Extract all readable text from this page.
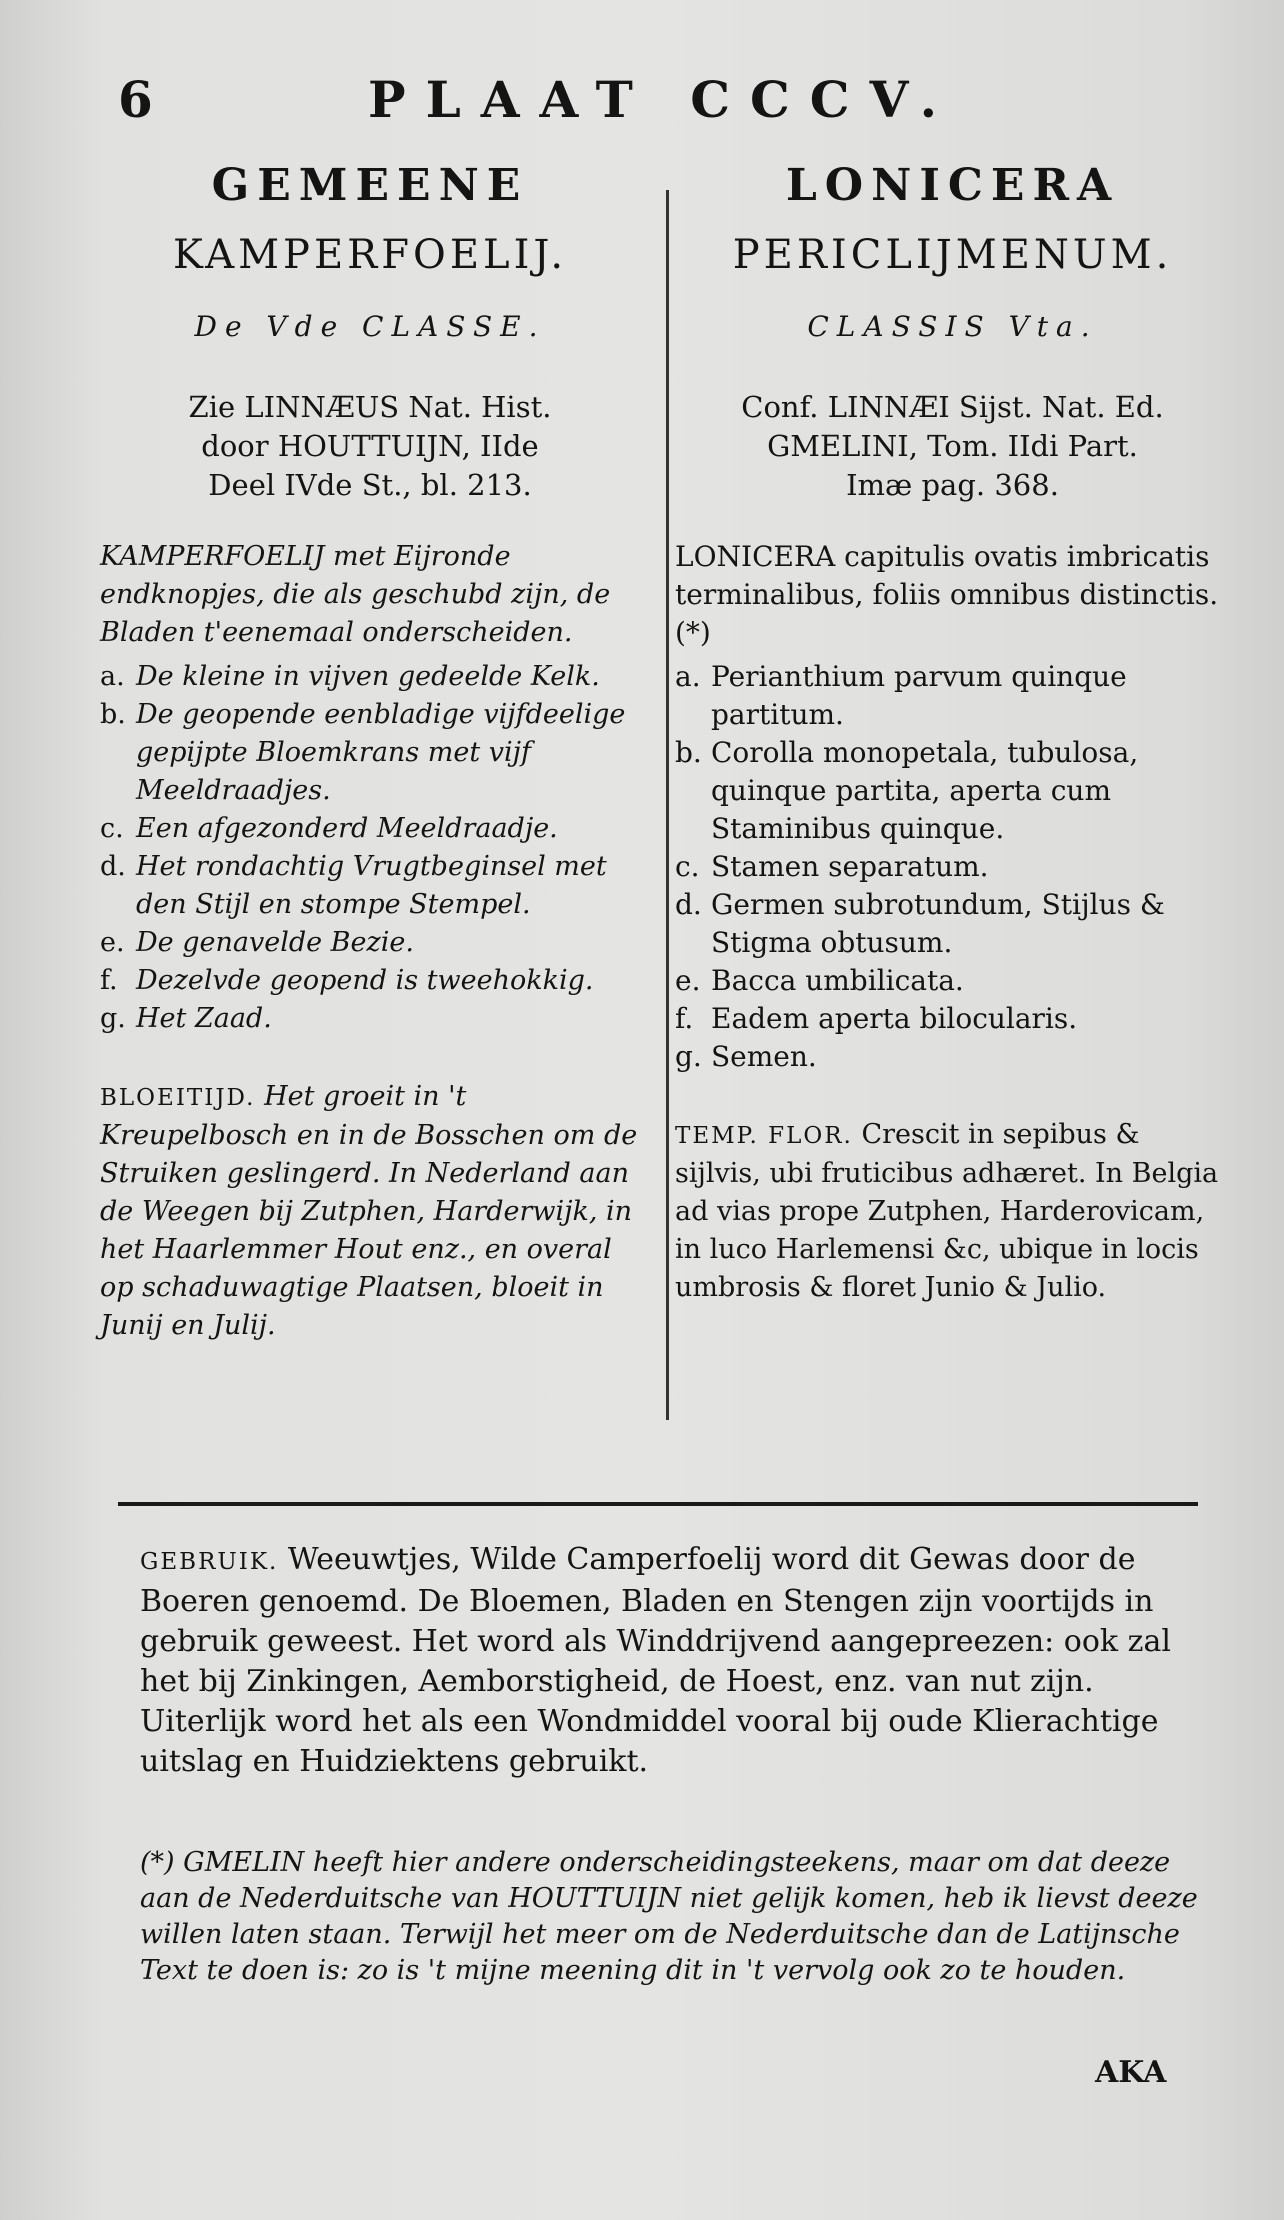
6	PLAAT CCCV.
GEMEENE
KAMPERFOELIJ.
De Vde CLASSE.
Zie LINNÆUS Nat. Hist.
door HOUTTUIJN, IIde
Deel IVde St., bl. 213.
KAMPERFOELIJ met Eijronde endknopjes, die als geschubd zijn, de Bladen t'eenemaal onderscheiden.
a. De kleine in vijven gedeelde Kelk.
b. De geopende eenbladige vijfdeelige gepijpte Bloemkrans met vijf Meeldraadjes.
c. Een afgezonderd Meeldraadje.
d. Het rondachtig Vrugtbeginsel met den Stijl en stompe Stempel.
e. De genavelde Bezie.
f. Dezelvde geopend is tweehokkig.
g. Het Zaad.
BLOEITIJD. Het groeit in 't Kreupelbosch en in de Bosschen om de Struiken geslingerd. In Nederland aan de Weegen bij Zutphen, Harderwijk, in het Haarlemmer Hout enz., en overal op schaduwagtige Plaatsen, bloeit in Junij en Julij.
LONICERA
PERICLIJMENUM.
CLASSIS Vta.
Conf. LINNÆI Sijst. Nat. Ed.
GMELINI, Tom. IIdi Part.
Imæ pag. 368.
LONICERA capitulis ovatis imbricatis terminalibus, foliis omnibus distinctis. (*)
a. Perianthium parvum quinque partitum.
b. Corolla monopetala, tubulosa, quinque partita, aperta cum Staminibus quinque.
c. Stamen separatum.
d. Germen subrotundum, Stijlus & Stigma obtusum.
e. Bacca umbilicata.
f. Eadem aperta bilocularis.
g. Semen.
TEMP. FLOR. Crescit in sepibus & sijlvis, ubi fruticibus adhæret. In Belgia ad vias prope Zutphen, Harderovicam, in luco Harlemensi &c, ubique in locis umbrosis & floret Junio & Julio.
GEBRUIK. Weeuwtjes, Wilde Camperfoelij word dit Gewas door de Boeren genoemd. De Bloemen, Bladen en Stengen zijn voortijds in gebruik geweest. Het word als Winddrijvend aangepreezen: ook zal het bij Zinkingen, Aemborstigheid, de Hoest, enz. van nut zijn. Uiterlijk word het als een Wondmiddel vooral bij oude Klierachtige uitslag en Huidziektens gebruikt.
(*) GMELIN heeft hier andere onderscheidingsteekens, maar om dat deeze aan de Nederduitsche van HOUTTUIJN niet gelijk komen, heb ik lievst deeze willen laten staan. Terwijl het meer om de Nederduitsche dan de Latijnsche Text te doen is: zo is 't mijne meening dit in 't vervolg ook zo te houden.
AKA
